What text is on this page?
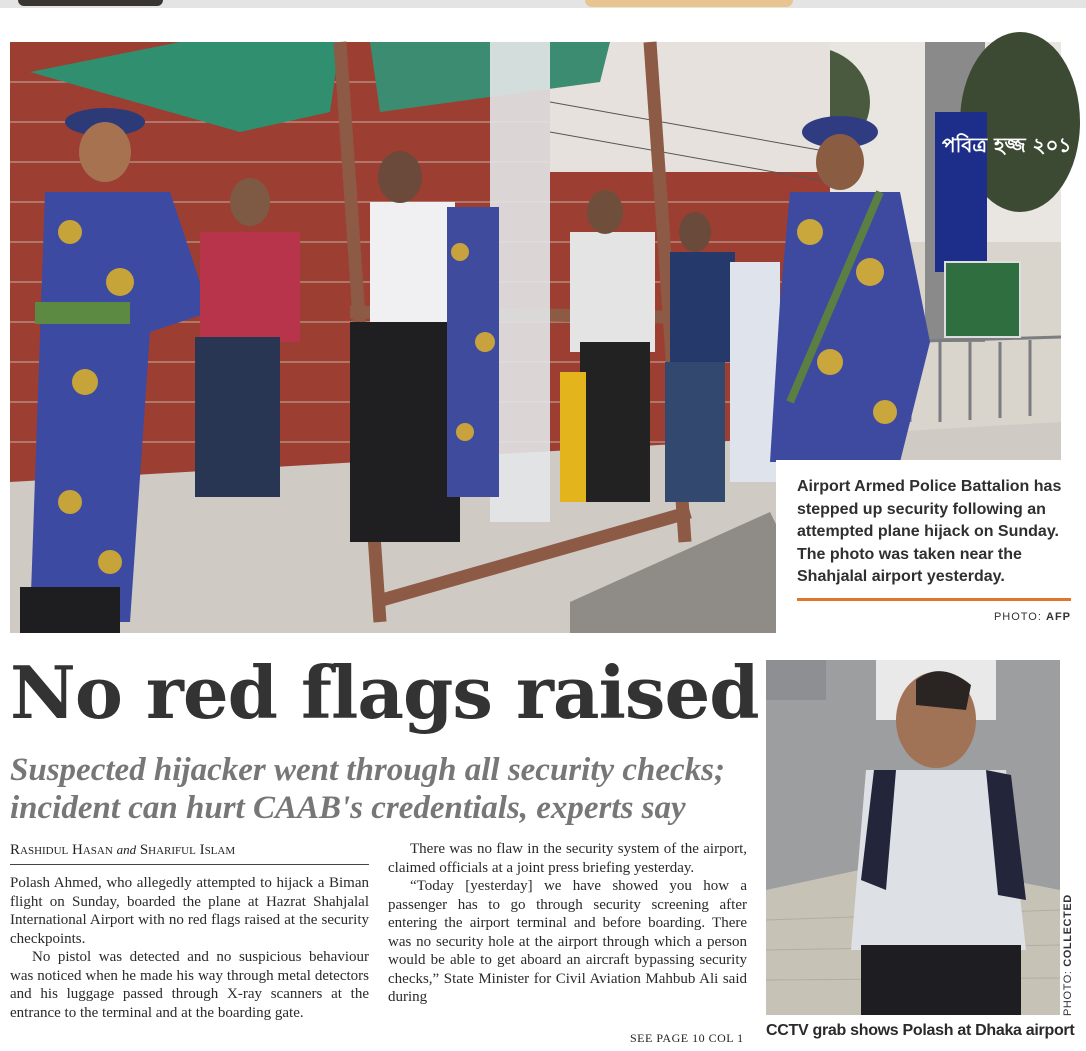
পবিত্র হজ্জ ২০১
Airport Armed Police Battalion has stepped up security following an attempted plane hijack on Sunday. The photo was taken near the Shahjalal airport yesterday.
PHOTO: AFP
No red flags raised
Suspected hijacker went through all security checks; incident can hurt CAAB's credentials, experts say
Rashidul Hasan and Shariful Islam

Polash Ahmed, who allegedly attempted to hijack a Biman flight on Sunday, boarded the plane at Hazrat Shahjalal International Airport with no red flags raised at the security checkpoints.

No pistol was detected and no suspicious behaviour was noticed when he made his way through metal detectors and his luggage passed through X-ray scanners at the entrance to the terminal and at the boarding gate.

There was no flaw in the security system of the airport, claimed officials at a joint press briefing yesterday.

“Today [yesterday] we have showed you how a passenger has to go through security screening after entering the airport terminal and before boarding. There was no security hole at the airport through which a person would be able to get aboard an aircraft bypassing security checks,” State Minister for Civil Aviation Mahbub Ali said during

SEE PAGE 10 COL 1
PHOTO: COLLECTED
CCTV grab shows Polash at Dhaka airport
